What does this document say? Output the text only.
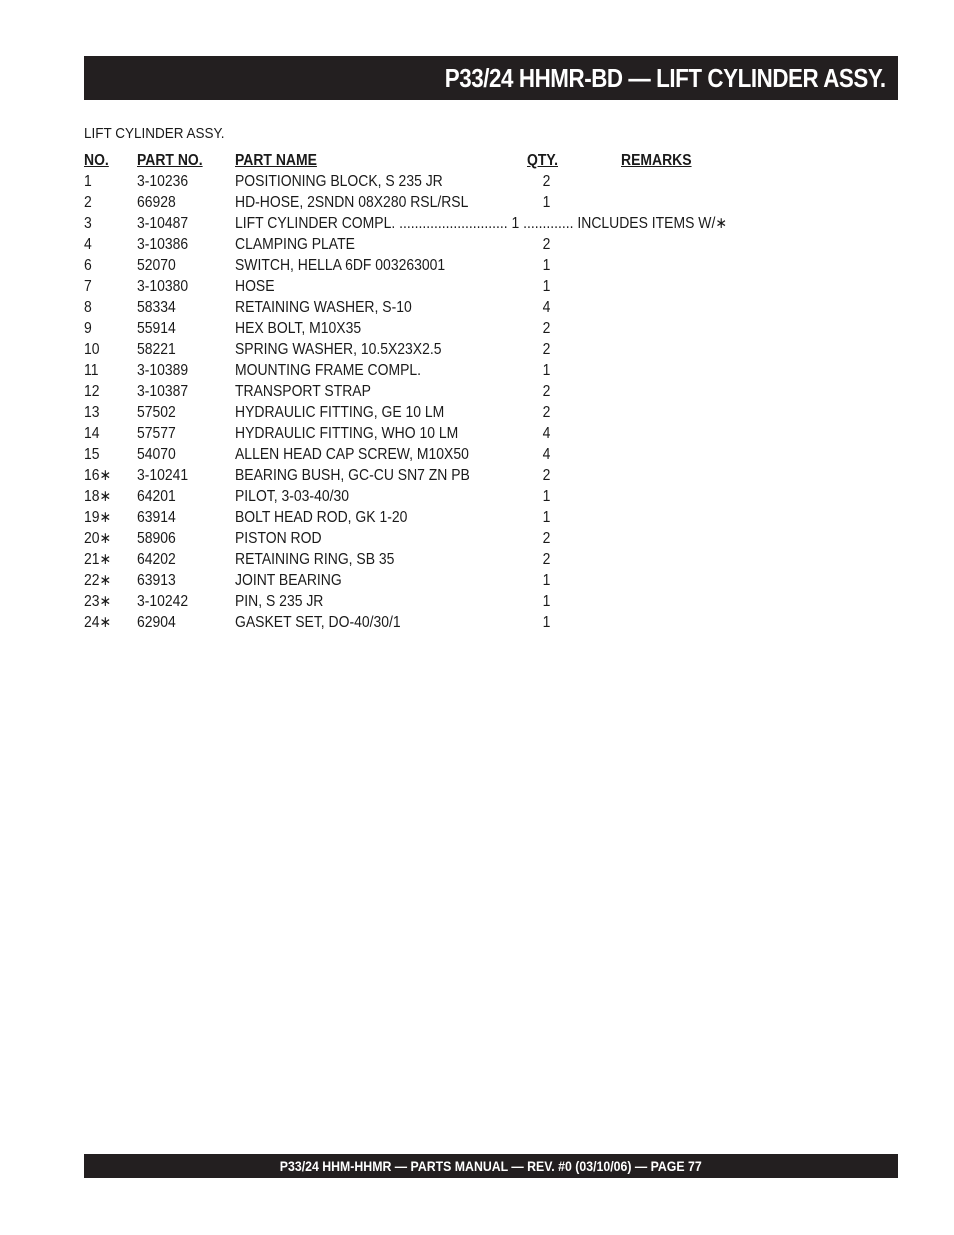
P33/24 HHMR-BD — LIFT CYLINDER ASSY.
LIFT CYLINDER ASSY.
NO. PART NO. PART NAME	QTY.	REMARKS
1	3-10236	POSITIONING BLOCK, S 235 JR	2
2	66928	HD-HOSE, 2SNDN 08X280 RSL/RSL	1
3	3-10487	LIFT CYLINDER COMPL. ............................ 1 ............. INCLUDES ITEMS W/∗
4	3-10386	CLAMPING PLATE	2
6	52070	SWITCH, HELLA 6DF 003263001	1
7	3-10380	HOSE	1
8	58334	RETAINING WASHER, S-10	4
9	55914	HEX BOLT, M10X35	2
10 58221	SPRING WASHER, 10.5X23X2.5	2
11 3-10389	MOUNTING FRAME COMPL.	1
12 3-10387	TRANSPORT STRAP	2
13 57502	HYDRAULIC FITTING, GE 10 LM	2
14 57577	HYDRAULIC FITTING, WHO 10 LM	4
15 54070	ALLEN HEAD CAP SCREW, M10X50	4
16∗ 3-10241	BEARING BUSH, GC-CU SN7 ZN PB	2
18∗ 64201	PILOT, 3-03-40/30	1
19∗ 63914	BOLT HEAD ROD, GK 1-20	1
20∗ 58906	PISTON ROD	2
21∗ 64202	RETAINING RING, SB 35	2
22∗ 63913	JOINT BEARING	1
23∗ 3-10242	PIN, S 235 JR	1
24∗ 62904	GASKET SET, DO-40/30/1	1
P33/24 HHM-HHMR — PARTS MANUAL — REV. #0 (03/10/06) — PAGE 77
